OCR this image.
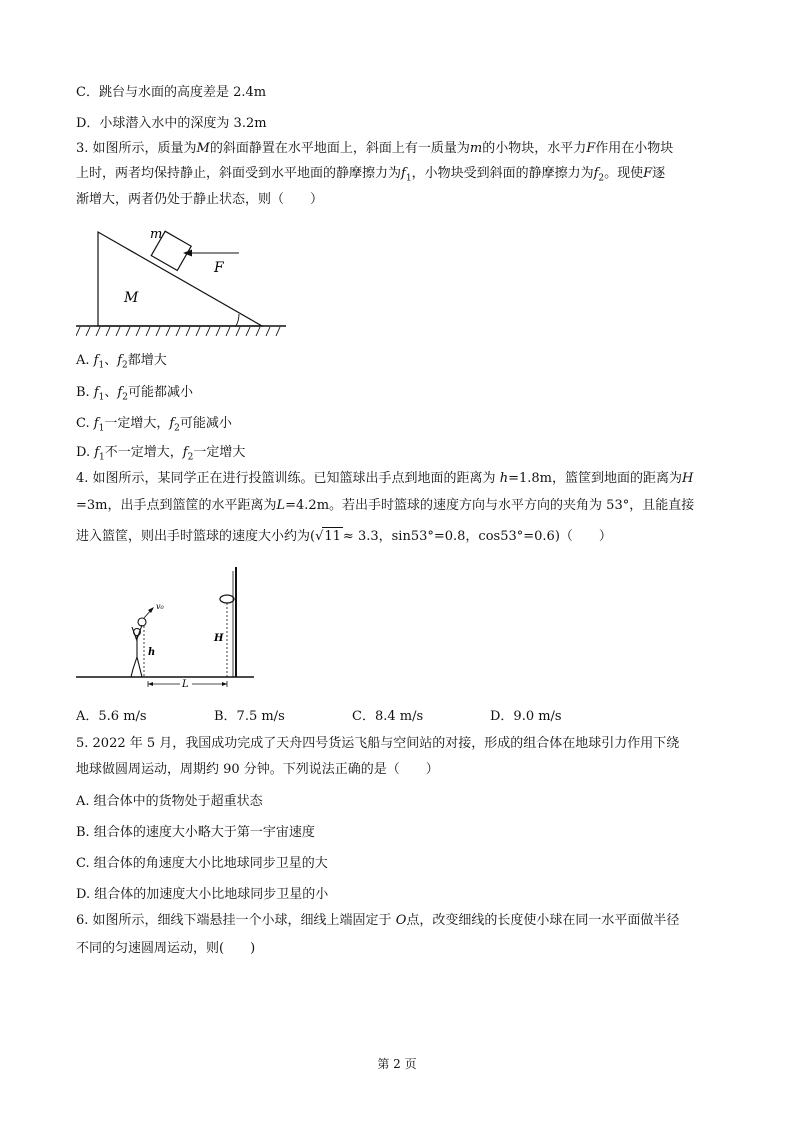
C．跳台与水面的高度差是 2.4m
D．小球潜入水中的深度为 3.2m
3. 如图所示，质量为M的斜面静置在水平地面上，斜面上有一质量为m的小物块，水平力F作用在小物块
上时，两者均保持静止，斜面受到水平地面的静摩擦力为$f_1$，小物块受到斜面的静摩擦力为$f_2$。现使F逐
渐增大，两者仍处于静止状态，则（　　）
m
F
M
A. $f_1$、$f_2$都增大
B. $f_1$、$f_2$可能都减小
C. $f_1$一定增大，$f_2$可能减小
D. $f_1$不一定增大，$f_2$一定增大
4. 如图所示，某同学正在进行投篮训练。已知篮球出手点到地面的距离为 h=1.8m，篮筐到地面的距离为H
=3m，出手点到篮筐的水平距离为L=4.2m。若出手时篮球的速度方向与水平方向的夹角为 53°，且能直接
进入篮筐，则出手时篮球的速度大小约为(√11 ≈ 3.3，sin53°=0.8，cos53°=0.6)（　　）
H
v₀
h
L
A．5.6 m/s	B．7.5 m/s	C．8.4 m/s	D．9.0 m/s
5. 2022 年 5 月，我国成功完成了天舟四号货运飞船与空间站的对接，形成的组合体在地球引力作用下绕
地球做圆周运动，周期约 90 分钟。下列说法正确的是（　　）
A. 组合体中的货物处于超重状态
B. 组合体的速度大小略大于第一宇宙速度
C. 组合体的角速度大小比地球同步卫星的大
D. 组合体的加速度大小比地球同步卫星的小
6. 如图所示，细线下端悬挂一个小球，细线上端固定于 O点，改变细线的长度使小球在同一水平面做半径
不同的匀速圆周运动，则(　　)
第 2 页
